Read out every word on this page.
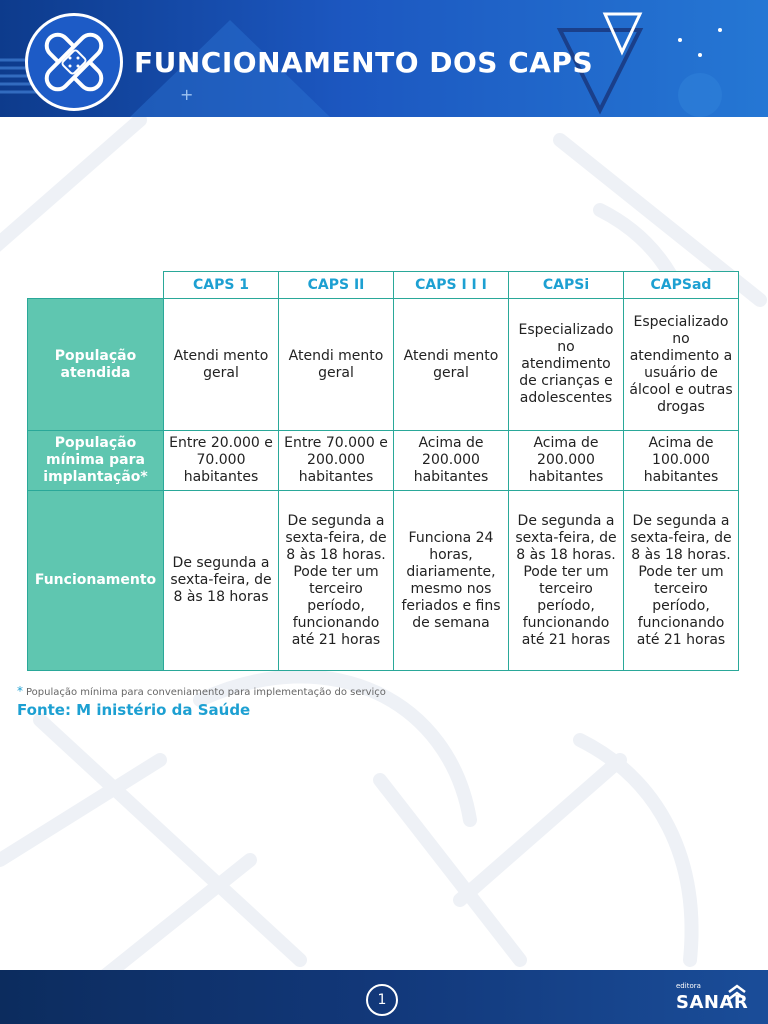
+
FUNCIONAMENTO DOS CAPS
	CAPS 1	CAPS II	CAPS I I I	CAPSi	CAPSad
População atendida	Atendi mento geral	Atendi mento geral	Atendi mento geral	Especializado no atendimento de crianças e adolescentes	Especializado no atendimento a usuário de álcool e outras drogas
População mínima para implantação*	Entre 20.000 e 70.000 habitantes	Entre 70.000 e 200.000 habitantes	Acima de 200.000 habitantes	Acima de 200.000 habitantes	Acima de 100.000 habitantes
Funcionamento	De segunda a sexta-feira, de 8 às 18 horas	De segunda a sexta-feira, de 8 às 18 horas. Pode ter um terceiro período, funcionando até 21 horas	Funciona 24 horas, diariamente, mesmo nos feriados e fins de semana	De segunda a sexta-feira, de 8 às 18 horas. Pode ter um terceiro período, funcionando até 21 horas	De segunda a sexta-feira, de 8 às 18 horas. Pode ter um terceiro período, funcionando até 21 horas
* População mínima para conveniamento para implementação do serviço
Fonte: M inistério da Saúde
1
editora
SANAR
